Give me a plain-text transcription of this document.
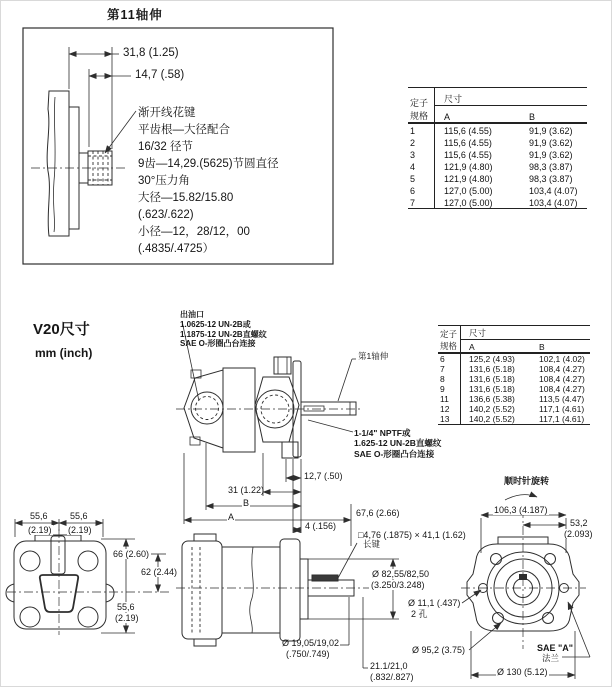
第11轴伸
31,8 (1.25)
14,7 (.58)
渐开线花键
平齿根—大径配合
16/32 径节
9齿—14,29.(5625)节圆直径
30°压力角
大径—15.82/15.80
(.623/.622)
小径—12，28/12，00
(.4835/.4725）
定子
规格	尺寸	
	A	B
1	115,6 (4.55)	91,9 (3.62)
2	115,6 (4.55)	91,9 (3.62)
3	115,6 (4.55)	91,9 (3.62)
4	121,9 (4.80)	98,3 (3.87)
5	121,9 (4.80)	98,3 (3.87)
6	127,0 (5.00)	103,4 (4.07)
7	127,0 (5.00)	103,4 (4.07)
V20尺寸
mm (inch)
出油口
1.0625-12 UN-2B或
1.1875-12 UN-2B直螺纹
SAE O-形圈凸台连接
第1轴伸
1-1/4" NPTF或
1.625-12 UN-2B直螺纹
SAE O-形圈凸台连接
定子
规格	尺寸	
	A	B
6	125,2 (4.93)	102,1 (4.02)
7	131,6 (5.18)	108,4 (4.27)
8	131,6 (5.18)	108,4 (4.27)
9	131,6 (5.18)	108,4 (4.27)
11	136,6 (5.38)	113,5 (4.47)
12	140,2 (5.52)	117,1 (4.61)
13	140,2 (5.52)	117,1 (4.61)
12,7 (.50)
31 (1.22)
B
A
4 (.156)
67,6 (2.66)
□4,76 (.1875) × 41,1 (1.62)
长键
55,6
(2.19)
55,6
(2.19)
66 (2.60)
62 (2.44)
55,6
(2.19)
Ø 82,55/82,50
(3.250/3.248)
Ø 19,05/19,02
(.750/.749)
21.1/21,0
(.832/.827)
顺时针旋转
106,3 (4.187)
53,2
(2.093)
Ø 11,1 (.437)
2 孔
Ø 95,2 (3.75)	SAE "A"
法兰
Ø 130 (5.12)
